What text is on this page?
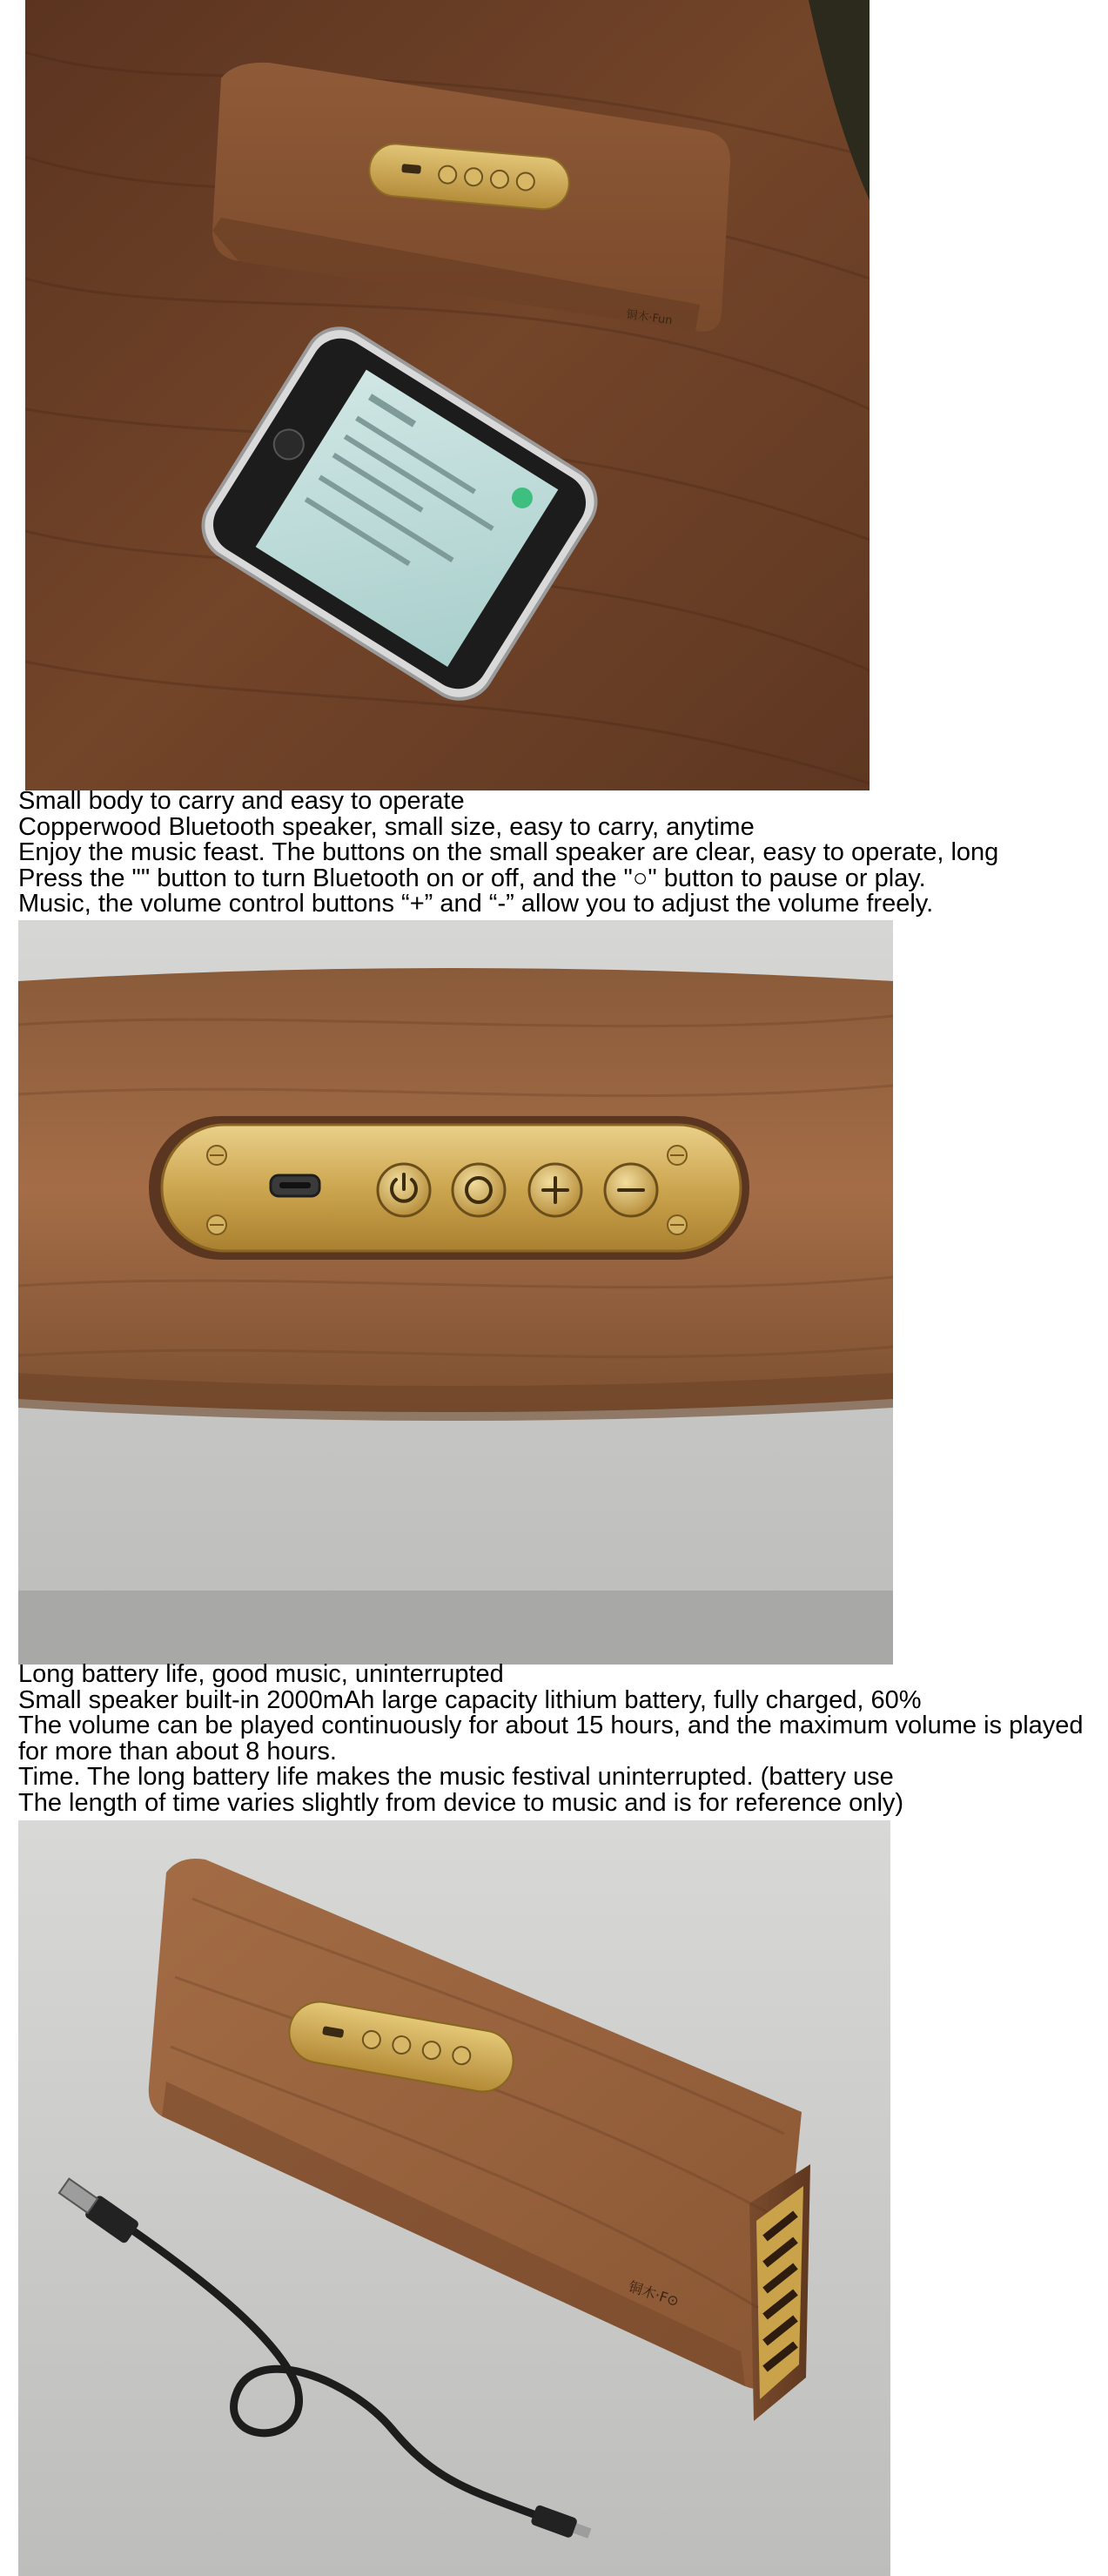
铜木·Fun

Small body to carry and easy to operate

Copperwood Bluetooth speaker, small size, easy to carry, anytime

Enjoy the music feast. The buttons on the small speaker are clear, easy to operate, long

Press the "" button to turn Bluetooth on or off, and the "○" button to pause or play.

Music, the volume control buttons “+” and “-” allow you to adjust the volume freely.

Long battery life, good music, uninterrupted

Small speaker built-in 2000mAh large capacity lithium battery, fully charged, 60%

The volume can be played continuously for about 15 hours, and the maximum volume is played for more than about 8 hours.

Time. The long battery life makes the music festival uninterrupted. (battery use

The length of time varies slightly from device to music and is for reference only)

铜木·F⊙
